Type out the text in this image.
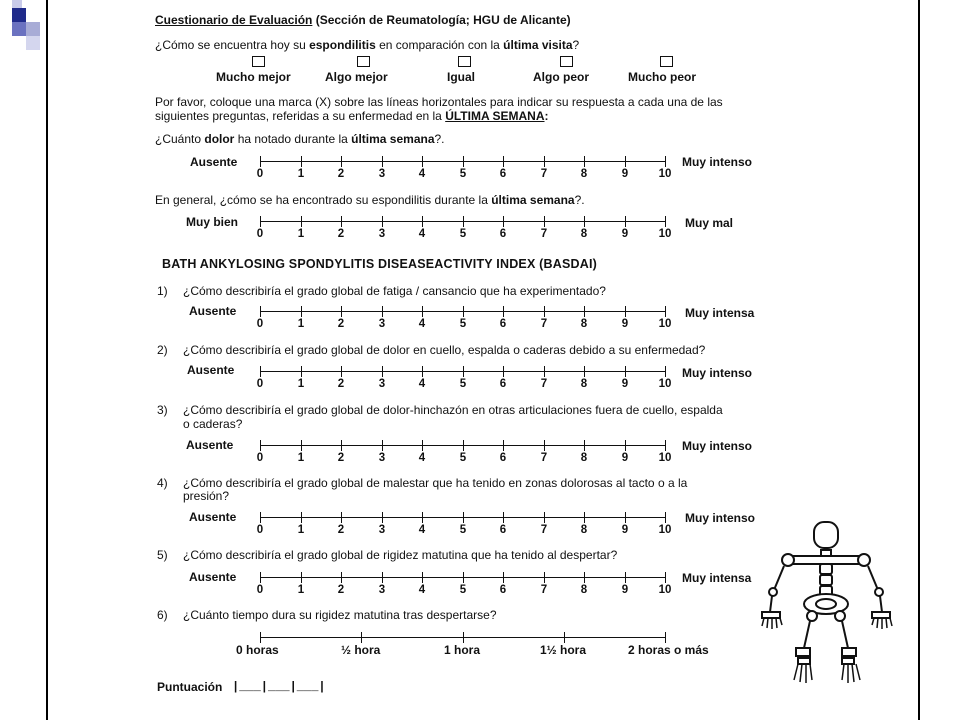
Cuestionario de Evaluación (Sección de Reumatología; HGU de Alicante)
¿Cómo se encuentra hoy su espondilitis en comparación con la última visita?
Mucho mejor	Algo mejor	Igual	Algo peor	Mucho peor
Por favor, coloque una marca (X) sobre las líneas horizontales para indicar su respuesta a cada una de las
siguientes preguntas, referidas a su enfermedad en la ÚLTIMA SEMANA:
¿Cuánto dolor ha notado durante la última semana?.
Ausente
0	1	2	3	4	5	6	7	8	9	10
Muy intenso
En general, ¿cómo se ha encontrado su espondilitis durante la última semana?.
Muy bien
0	1	2	3	4	5	6	7	8	9	10
Muy mal
BATH ANKYLOSING SPONDYLITIS DISEASEACTIVITY INDEX (BASDAI)
1) ¿Cómo describiría el grado global de fatiga / cansancio que ha experimentado?
Ausente
0	1	2	3	4	5	6	7	8	9	10
Muy intensa
2) ¿Cómo describiría el grado global de dolor en cuello, espalda o caderas debido a su enfermedad?
Ausente
0	1	2	3	4	5	6	7	8	9	10
Muy intenso
3) ¿Cómo describiría el grado global de dolor-hinchazón en otras articulaciones fuera de cuello, espalda
o caderas?
Ausente
0	1	2	3	4	5	6	7	8	9	10
Muy intenso
4) ¿Cómo describiría el grado global de malestar que ha tenido en zonas dolorosas al tacto o a la
presión?
Ausente
0	1	2	3	4	5	6	7	8	9	10
Muy intenso
5) ¿Cómo describiría el grado global de rigidez matutina que ha tenido al despertar?
Ausente
0	1	2	3	4	5	6	7	8	9	10
Muy intensa
6) ¿Cuánto tiempo dura su rigidez matutina tras despertarse?
0 horas	½ hora	1 hora	1½ hora	2 horas o más
Puntuación |___|___|___|
